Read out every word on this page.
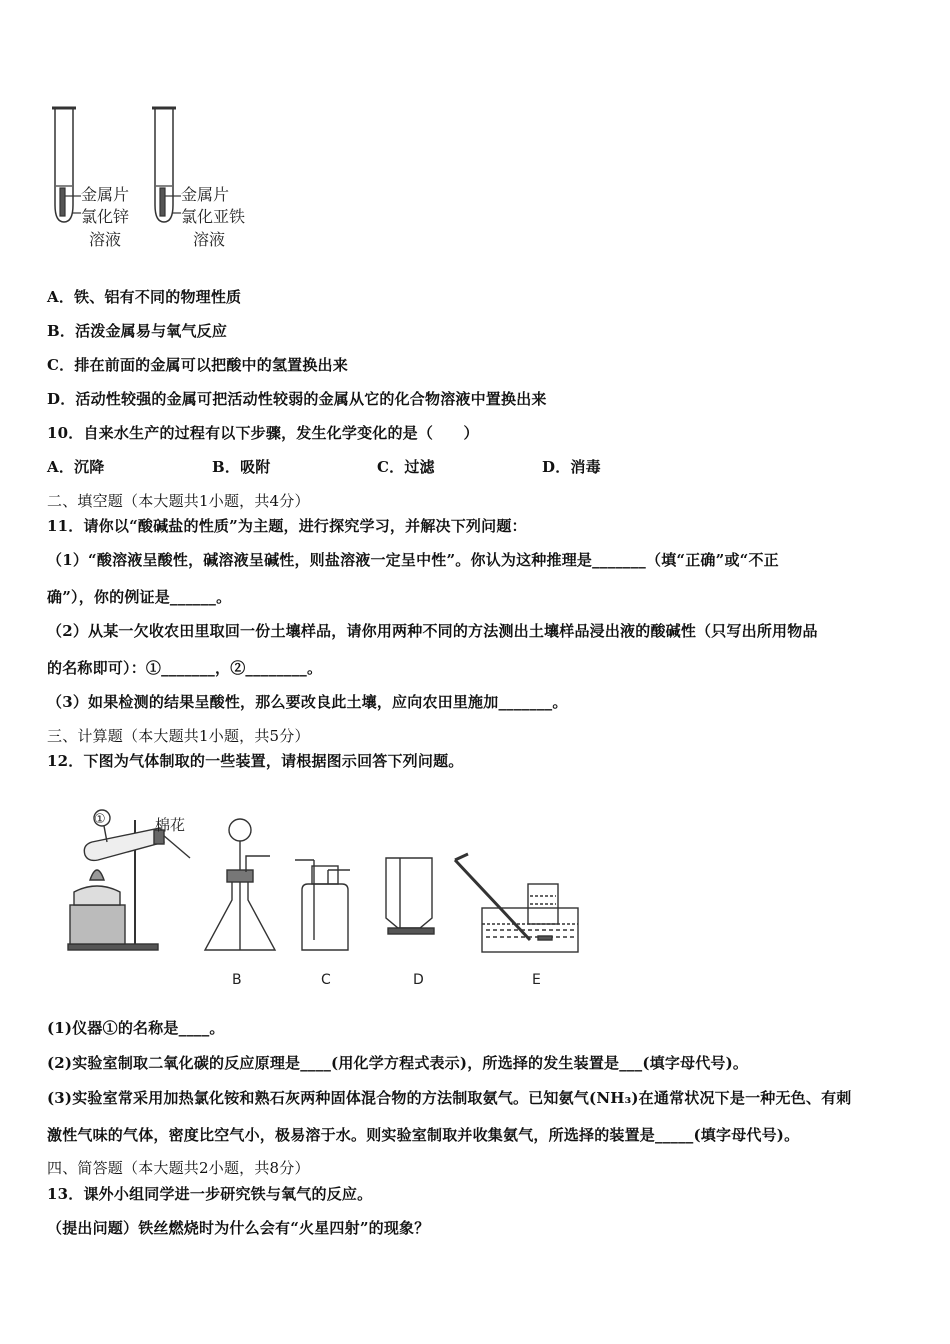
金属片
氯化锌
溶液
金属片
氯化亚铁
溶液
A．铁、铝有不同的物理性质
B．活泼金属易与氧气反应
C．排在前面的金属可以把酸中的氢置换出来
D．活动性较强的金属可把活动性较弱的金属从它的化合物溶液中置换出来
10．自来水生产的过程有以下步骤，发生化学变化的是（　　）
A．沉降	B．吸附	C．过滤	D．消毒
二、填空题（本大题共1小题，共4分）
11．请你以“酸碱盐的性质”为主题，进行探究学习，并解决下列问题：
（1）“酸溶液呈酸性，碱溶液呈碱性，则盐溶液一定呈中性”。你认为这种推理是_______（填“正确”或“不正
确”），你的例证是______。
（2）从某一欠收农田里取回一份土壤样品，请你用两种不同的方法测出土壤样品浸出液的酸碱性（只写出所用物品
的名称即可）：①_______，②________。
（3）如果检测的结果呈酸性，那么要改良此土壤，应向农田里施加_______。
三、计算题（本大题共1小题，共5分）
12．下图为气体制取的一些装置，请根据图示回答下列问题。
①	棉花
B	C	D	E
(1)仪器①的名称是____。
(2)实验室制取二氧化碳的反应原理是____(用化学方程式表示)，所选择的发生装置是___(填字母代号)。
(3)实验室常采用加热氯化铵和熟石灰两种固体混合物的方法制取氨气。已知氨气(NH₃)在通常状况下是一种无色、有刺
激性气味的气体，密度比空气小，极易溶于水。则实验室制取并收集氨气，所选择的装置是_____(填字母代号)。
四、简答题（本大题共2小题，共8分）
13．课外小组同学进一步研究铁与氧气的反应。
（提出问题）铁丝燃烧时为什么会有“火星四射”的现象？
